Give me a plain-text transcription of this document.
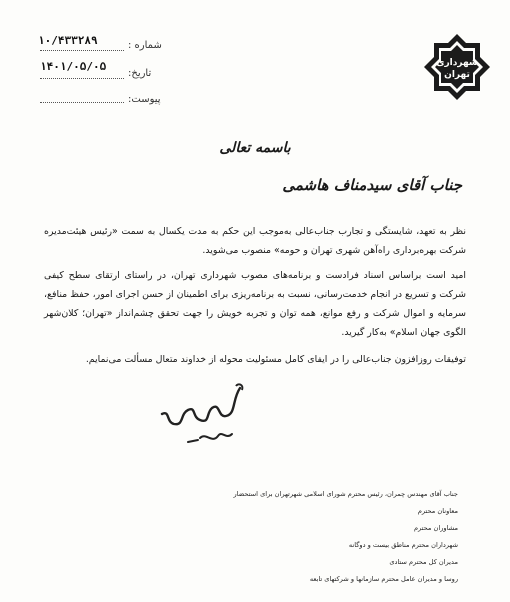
شهرداری
تهران
۱۰/۴۳۳۲۸۹	شماره :
۱۴۰۱/۰۵/۰۵
تاریخ:
پیوست:
باسمه تعالی
جناب آقای سیدمناف هاشمی

نظر به تعهد، شایستگی و تجارب جناب‌عالی به‌موجب این حکم به مدت یکسال به سمت «رئیس هیئت‌مدیره شرکت بهره‌برداری راه‌آهن شهری تهران و حومه» منصوب می‌شوید.

امید است براساس اسناد فرادست و برنامه‌های مصوب شهرداری تهران، در راستای ارتقای سطح کیفی شرکت و تسریع در انجام خدمت‌رسانی، نسبت به برنامه‌ریزی برای اطمینان از حسن اجرای امور، حفظ منافع، سرمایه و اموال شرکت و رفع موانع، همه توان و تجربه خویش را جهت تحقق چشم‌انداز «تهران؛ کلان‌شهر الگوی جهان اسلام» به‌کار گیرید.

توفیقات روزافزون جناب‌عالی را در ایفای کامل مسئولیت محوله از خداوند متعال مسألت می‌نمایم.
جناب آقای مهندس چمران، رئیس محترم شورای اسلامی شهرتهران برای استحضار
معاونان محترم
مشاوران محترم
شهرداران محترم مناطق بیست و دوگانه
مدیران کل محترم ستادی
روسا و مدیران عامل محترم سازمانها و شرکتهای تابعه
